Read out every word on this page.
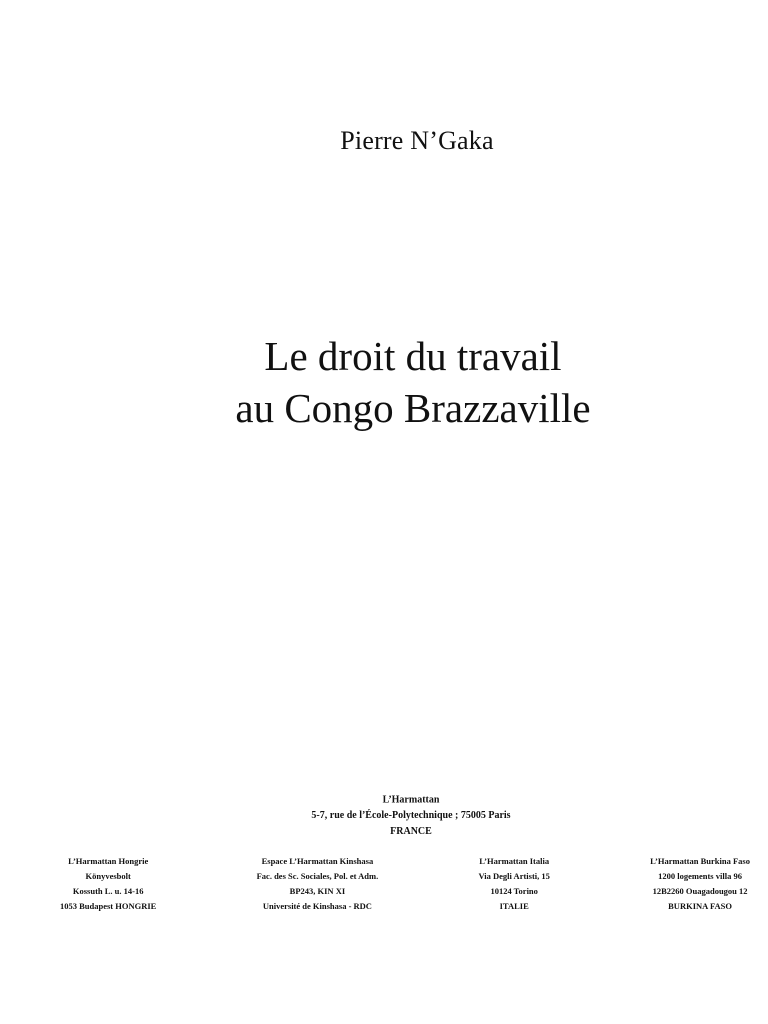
Pierre N’Gaka
Le droit du travail
au Congo Brazzaville
L’Harmattan
5-7, rue de l’École-Polytechnique ; 75005 Paris
FRANCE
L’Harmattan Hongrie
Könyvesbolt
Kossuth L. u. 14-16
1053 Budapest HONGRIE
Espace L’Harmattan Kinshasa
Fac. des Sc. Sociales, Pol. et Adm.
BP243, KIN XI
Université de Kinshasa - RDC
L’Harmattan Italia
Via Degli Artisti, 15
10124 Torino
ITALIE
L’Harmattan Burkina Faso
1200 logements villa 96
12B2260 Ouagadougou 12
BURKINA FASO
